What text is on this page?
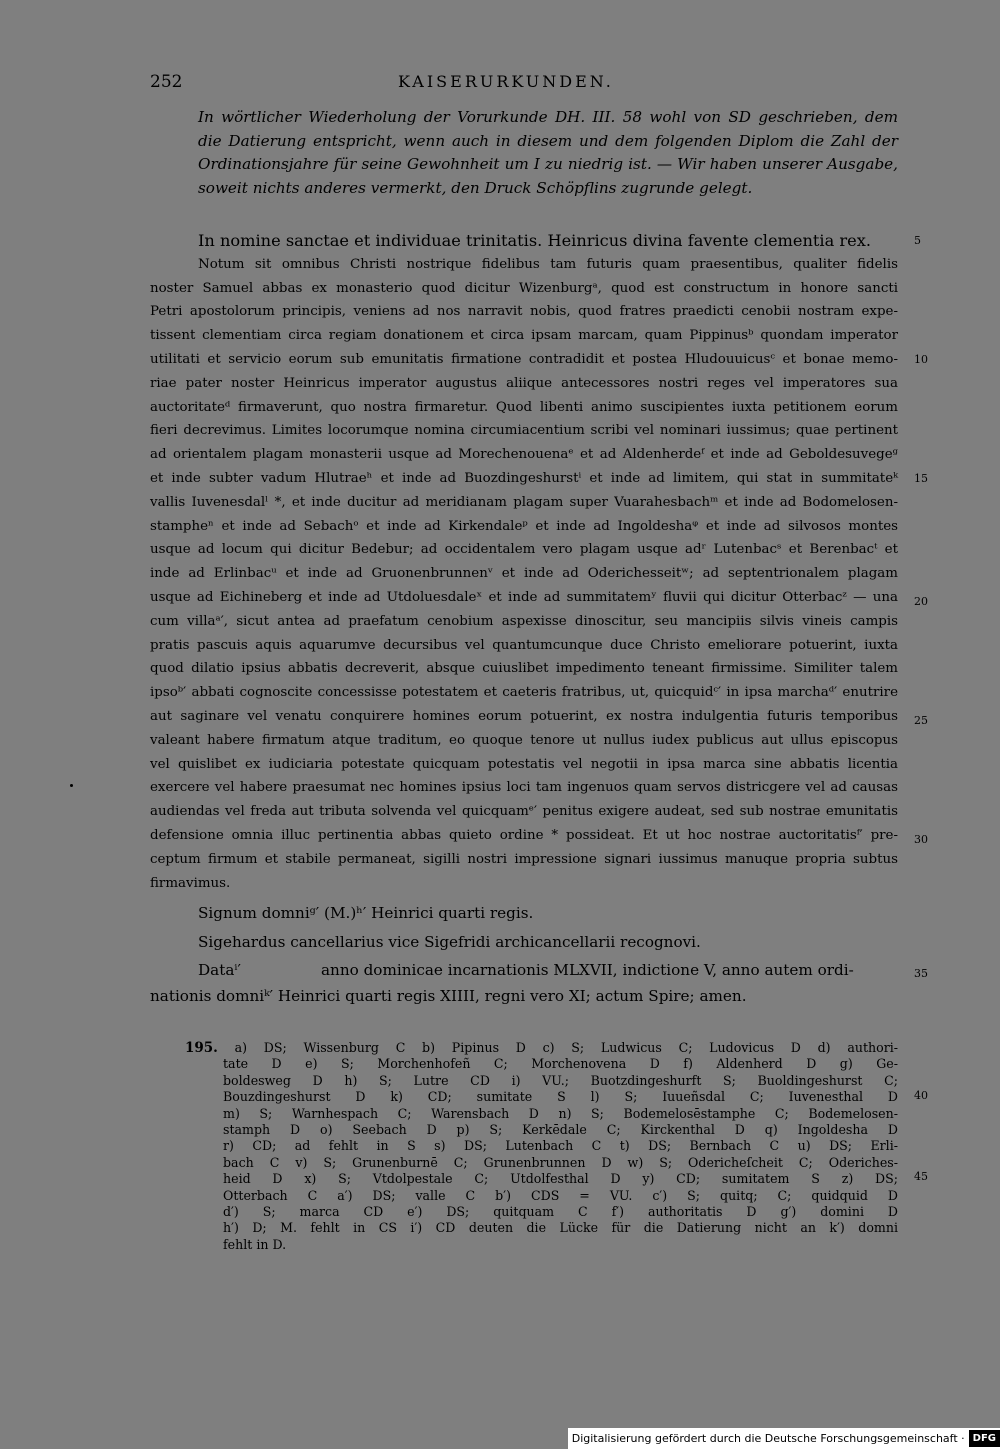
252	KAISERURKUNDEN.
In wörtlicher Wiederholung der Vorurkunde DH. III. 58 wohl von SD geschrieben, dem
die Datierung entspricht, wenn auch in diesem und dem folgenden Diplom die Zahl der
Ordinationsjahre für seine Gewohnheit um I zu niedrig ist. — Wir haben unserer Ausgabe,
soweit nichts anderes vermerkt, den Druck Schöpflins zugrunde gelegt.
In nomine sanctae et individuae trinitatis. Heinricus divina favente clementia rex.
Notum sit omnibus Christi nostrique fidelibus tam futuris quam praesentibus, qualiter fidelis
noster Samuel abbas ex monasterio quod dicitur Wizenburgᵃ, quod est constructum in honore sancti
Petri apostolorum principis, veniens ad nos narravit nobis, quod fratres praedicti cenobii nostram expe-
tissent clementiam circa regiam donationem et circa ipsam marcam, quam Pippinusᵇ quondam imperator
utilitati et servicio eorum sub emunitatis firmatione contradidit et postea Hludouuicusᶜ et bonae memo-
riae pater noster Heinricus imperator augustus aliique antecessores nostri reges vel imperatores sua
auctoritateᵈ firmaverunt, quo nostra firmaretur. Quod libenti animo suscipientes iuxta petitionem eorum
fieri decrevimus. Limites locorumque nomina circumiacentium scribi vel nominari iussimus; quae pertinent
ad orientalem plagam monasterii usque ad Morechenouenaᵉ et ad Aldenherdeᶠ et inde ad Geboldesuvegeᵍ
et inde subter vadum Hlutraeʰ et inde ad Buozdingeshurstⁱ et inde ad limitem, qui stat in summitateᵏ
vallis Iuvenesdalˡ *, et inde ducitur ad meridianam plagam super Vuarahesbachᵐ et inde ad Bodomelosen-
stampheⁿ et inde ad Sebachᵒ et inde ad Kirkendaleᵖ et inde ad Ingoldeshaᵠ et inde ad silvosos montes
usque ad locum qui dicitur Bedebur; ad occidentalem vero plagam usque adʳ Lutenbacˢ et Berenbacᵗ et
inde ad Erlinbacᵘ et inde ad Gruonenbrunnenᵛ et inde ad Oderichesseitʷ; ad septentrionalem plagam
usque ad Eichineberg et inde ad Utdoluesdaleˣ et inde ad summitatemʸ fluvii qui dicitur Otterbacᶻ — una
cum villaᵃ′, sicut antea ad praefatum cenobium aspexisse dinoscitur, seu mancipiis silvis vineis campis
pratis pascuis aquis aquarumve decursibus vel quantumcunque duce Christo emeliorare potuerint, iuxta
quod dilatio ipsius abbatis decreverit, absque cuiuslibet impedimento teneant firmissime. Similiter talem
ipsoᵇ′ abbati cognoscite concessisse potestatem et caeteris fratribus, ut, quicquidᶜ′ in ipsa marchaᵈ′ enutrire
aut saginare vel venatu conquirere homines eorum potuerint, ex nostra indulgentia futuris temporibus
valeant habere firmatum atque traditum, eo quoque tenore ut nullus iudex publicus aut ullus episcopus
vel quislibet ex iudiciaria potestate quicquam potestatis vel negotii in ipsa marca sine abbatis licentia
exercere vel habere praesumat nec homines ipsius loci tam ingenuos quam servos districgere vel ad causas
audiendas vel freda aut tributa solvenda vel quicquamᵉ′ penitus exigere audeat, sed sub nostrae emunitatis
defensione omnia illuc pertinentia abbas quieto ordine * possideat. Et ut hoc nostrae auctoritatisᶠ′ pre-
ceptum firmum et stabile permaneat, sigilli nostri impressione signari iussimus manuque propria subtus
firmavimus.
5
10
15
20
25
30
35
40
45
Signum domniᵍ′ (M.)ʰ′ Heinrici quarti regis.
Sigehardus cancellarius vice Sigefridi archicancellarii recognovi.
Dataⁱ′	anno dominicae incarnationis MLXVII, indictione V, anno autem ordi-
nationis domniᵏ′ Heinrici quarti regis XIIII, regni vero XI; actum Spire; amen.
195. a) DS; Wissenburg C b) Pipinus D c) S; Ludwicus C; Ludovicus D d) authori-
tate D e) S; Morchenhofeñ C; Morchenovena D f) Aldenherd D g) Ge-
boldesweg D h) S; Lutre CD i) VU.; Buotzdingeshurft S; Buoldingeshurst C;
Bouzdingeshurst D k) CD; sumitate S l) S; Iuueñsdal C; Iuvenesthal D
m) S; Warnhespach C; Warensbach D n) S; Bodemelosēstamphe C; Bodemelosen-
stamph D o) Seebach D p) S; Kerkēdale C; Kirckenthal D q) Ingoldesha D
r) CD; ad fehlt in S s) DS; Lutenbach C t) DS; Bernbach C u) DS; Erli-
bach C v) S; Grunenburnē C; Grunenbrunnen D w) S; Odericheſcheit C; Oderiches-
heid D x) S; Vtdolpestale C; Utdolfesthal D y) CD; sumitatem S z) DS;
Otterbach C a′) DS; valle C b′) CDS = VU. c′) S; quitq; C; quidquid D
d′) S; marca CD e′) DS; quitquam C f′) authoritatis D g′) domini D
h′) D; M. fehlt in CS i′) CD deuten die Lücke für die Datierung nicht an k′) domni
fehlt in D.
Digitalisierung gefördert durch die Deutsche Forschungsgemeinschaft · DFG
